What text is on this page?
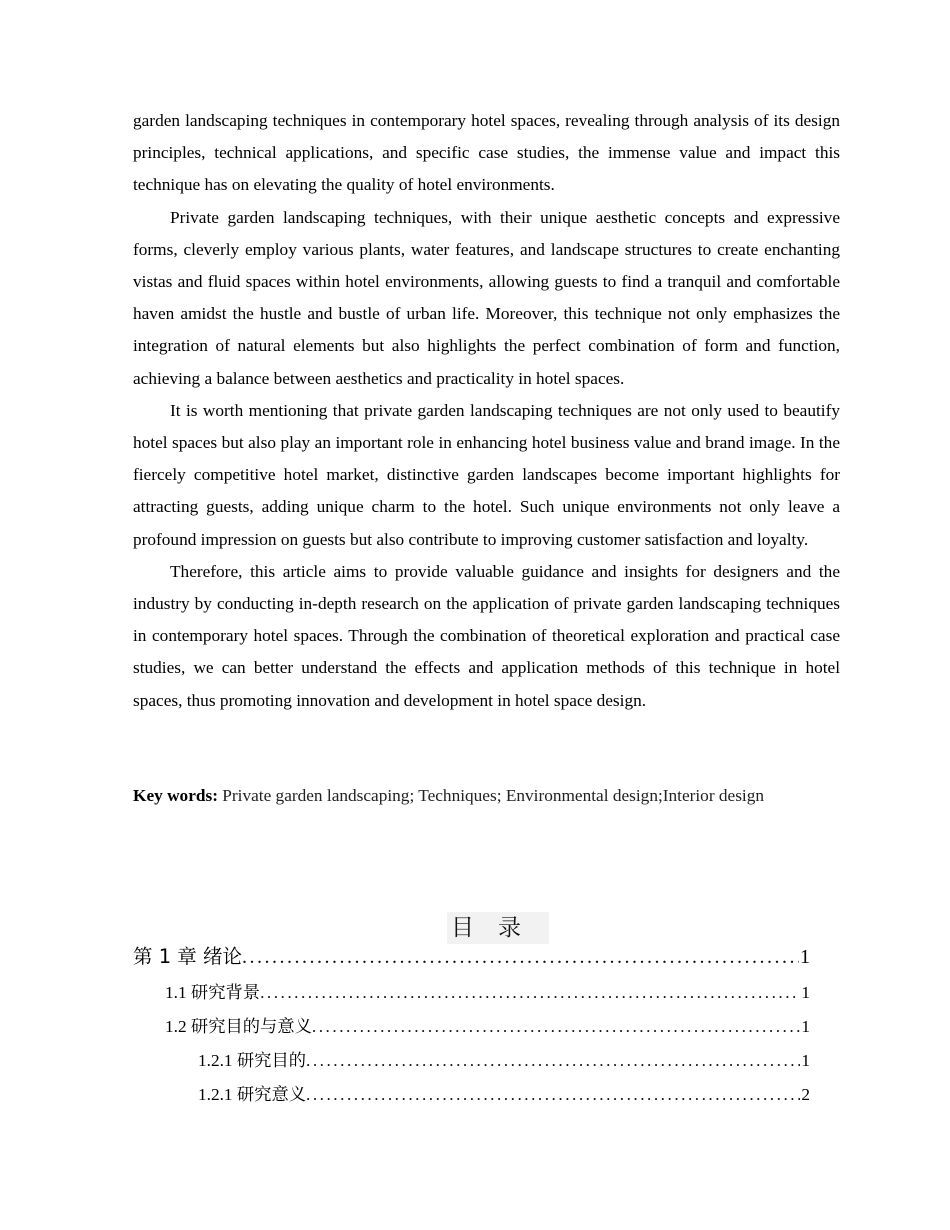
garden landscaping techniques in contemporary hotel spaces, revealing through analysis of its design principles, technical applications, and specific case studies, the immense value and impact this technique has on elevating the quality of hotel environments.

Private garden landscaping techniques, with their unique aesthetic concepts and expressive forms, cleverly employ various plants, water features, and landscape structures to create enchanting vistas and fluid spaces within hotel environments, allowing guests to find a tranquil and comfortable haven amidst the hustle and bustle of urban life. Moreover, this technique not only emphasizes the integration of natural elements but also highlights the perfect combination of form and function, achieving a balance between aesthetics and practicality in hotel spaces.

It is worth mentioning that private garden landscaping techniques are not only used to beautify hotel spaces but also play an important role in enhancing hotel business value and brand image. In the fiercely competitive hotel market, distinctive garden landscapes become important highlights for attracting guests, adding unique charm to the hotel. Such unique environments not only leave a profound impression on guests but also contribute to improving customer satisfaction and loyalty.

Therefore, this article aims to provide valuable guidance and insights for designers and the industry by conducting in-depth research on the application of private garden landscaping techniques in contemporary hotel spaces. Through the combination of theoretical exploration and practical case studies, we can better understand the effects and application methods of this technique in hotel spaces, thus promoting innovation and development in hotel space design.

Key words: Private garden landscaping; Techniques; Environmental design;Interior design
目录
第 1 章 绪论 .....	1
1.1 研究背景 .....	1
1.2 研究目的与意义 .....	1
1.2.1 研究目的 .....	1
1.2.1 研究意义 .....	2
